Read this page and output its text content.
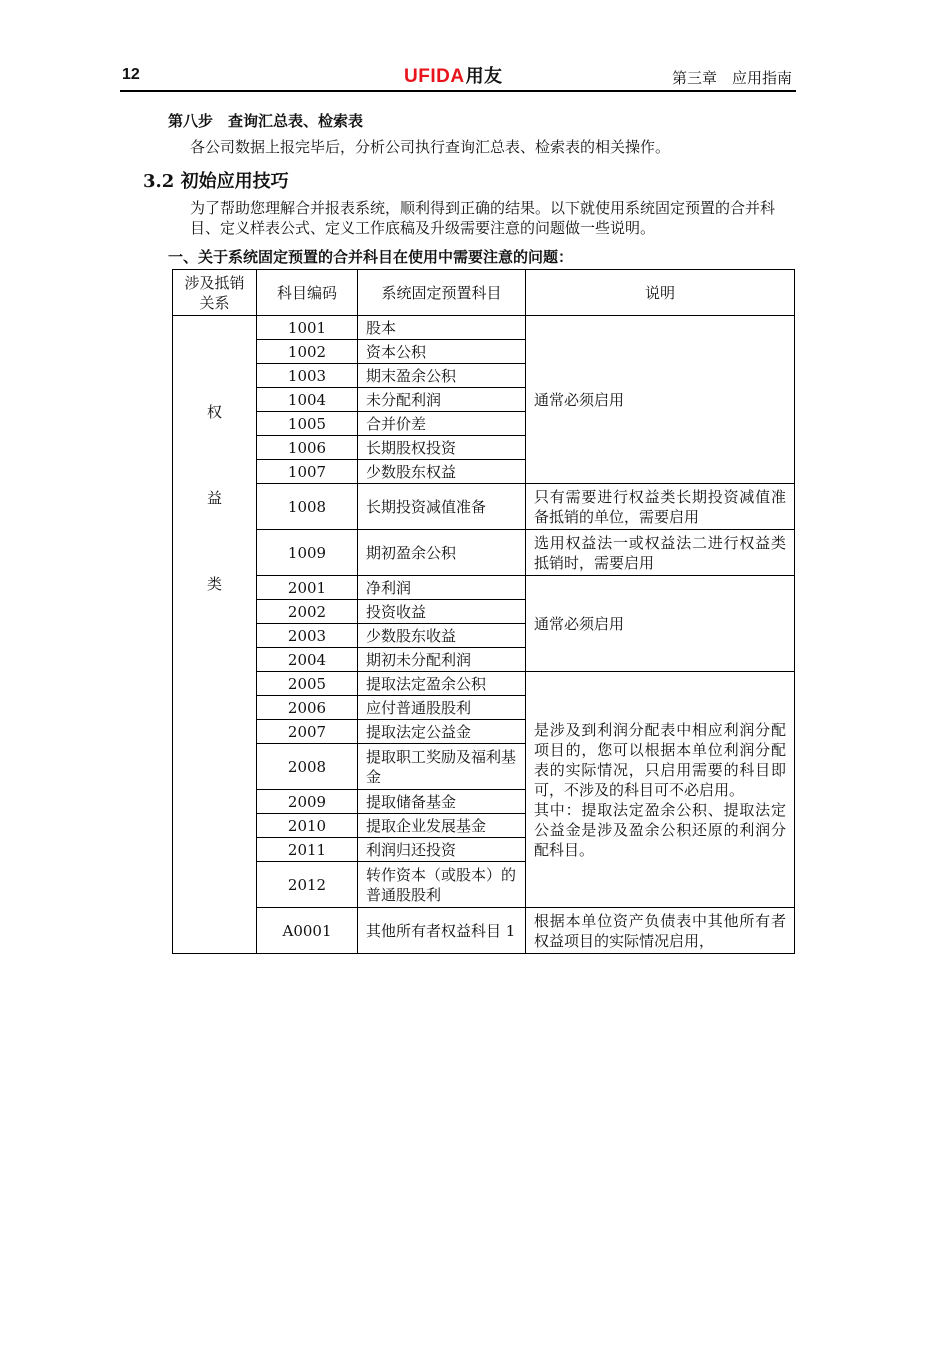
12	UFIDA用友	第三章　应用指南
第八步　查询汇总表、检索表
各公司数据上报完毕后，分析公司执行查询汇总表、检索表的相关操作。
3.2 初始应用技巧
为了帮助您理解合并报表系统，顺利得到正确的结果。以下就使用系统固定预置的合并科目、定义样表公式、定义工作底稿及升级需要注意的问题做一些说明。
一、关于系统固定预置的合并科目在使用中需要注意的问题：
涉及抵销关系	科目编码	系统固定预置科目	说明

权
益
类	1001	股本	通常必须启用
	1002	资本公积	
	1003	期末盈余公积	
	1004	未分配利润	
	1005	合并价差	
	1006	长期股权投资	
	1007	少数股东权益	
	1008	长期投资减值准备	只有需要进行权益类长期投资减值准备抵销的单位，需要启用
	1009	期初盈余公积	选用权益法一或权益法二进行权益类抵销时，需要启用
	2001	净利润	通常必须启用
	2002	投资收益	
	2003	少数股东收益	
	2004	期初未分配利润	
	2005	提取法定盈余公积	是涉及到利润分配表中相应利润分配项目的，您可以根据本单位利润分配表的实际情况，只启用需要的科目即可，不涉及的科目可不必启用。
其中：提取法定盈余公积、提取法定公益金是涉及盈余公积还原的利润分配科目。

	2006	应付普通股股利	
	2007	提取法定公益金	
	2008	提取职工奖励及福利基金	
	2009	提取储备基金	
	2010	提取企业发展基金	
	2011	利润归还投资	
	2012	转作资本（或股本）的普通股股利	
	A0001	其他所有者权益科目 1	根据本单位资产负债表中其他所有者权益项目的实际情况启用，
